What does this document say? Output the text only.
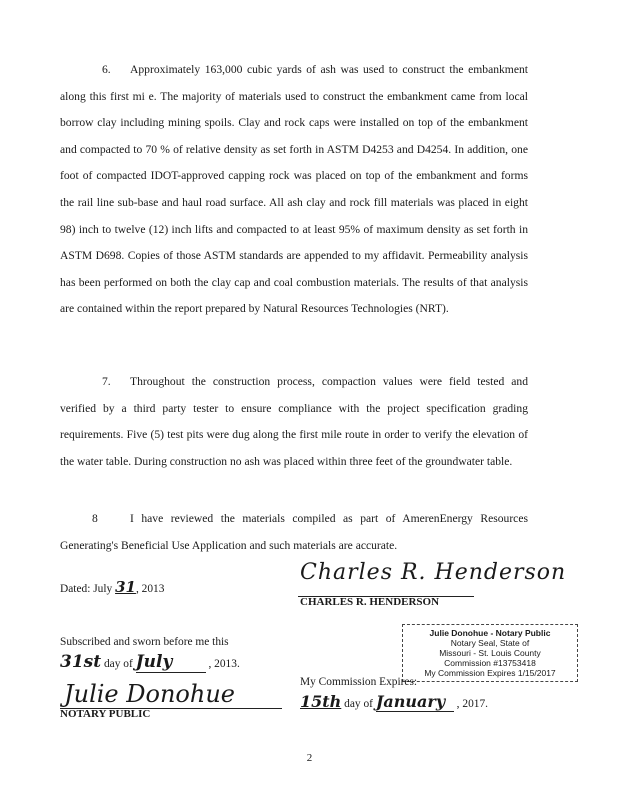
6. Approximately 163,000 cubic yards of ash was used to construct the embankment along this first mi e. The majority of materials used to construct the embankment came from local borrow clay including mining spoils. Clay and rock caps were installed on top of the embankment and compacted to 70 % of relative density as set forth in ASTM D4253 and D4254. In addition, one foot of compacted IDOT-approved capping rock was placed on top of the embankment and forms the rail line sub-base and haul road surface. All ash clay and rock fill materials was placed in eight 98) inch to twelve (12) inch lifts and compacted to at least 95% of maximum density as set forth in ASTM D698. Copies of those ASTM standards are appended to my affidavit. Permeability analysis has been performed on both the clay cap and coal combustion materials. The results of that analysis are contained within the report prepared by Natural Resources Technologies (NRT).

7. Throughout the construction process, compaction values were field tested and verified by a third party tester to ensure compliance with the project specification grading requirements. Five (5) test pits were dug along the first mile route in order to verify the elevation of the water table. During construction no ash was placed within three feet of the groundwater table.

8	I have reviewed the materials compiled as part of AmerenEnergy Resources Generating's Beneficial Use Application and such materials are accurate.

Dated: July 31, 2013
Charles R. Henderson
CHARLES R. HENDERSON
Subscribed and sworn before me this
31st day of July	, 2013.
Julie Donohue
NOTARY PUBLIC
Julie Donohue - Notary Public
Notary Seal, State of
Missouri - St. Louis County
Commission #13753418
My Commission Expires 1/15/2017
My Commission Expires:
15th day of January , 2017.
2
